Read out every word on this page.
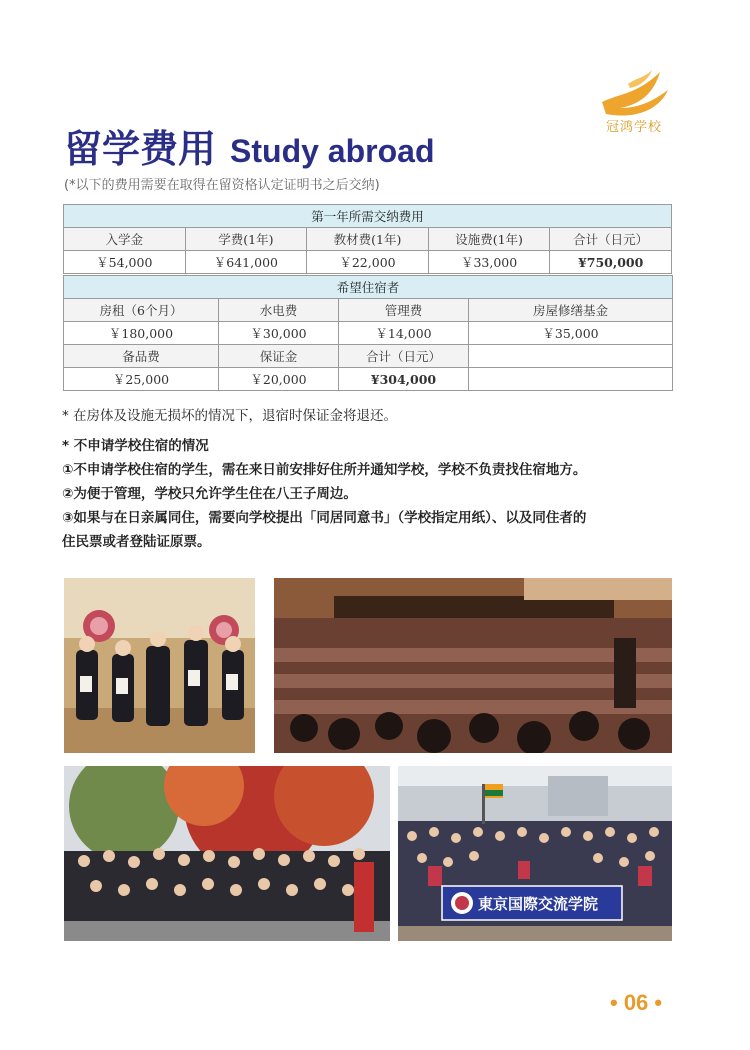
冠鸿学校
留学费用 Study abroad
(*以下的费用需要在取得在留资格认定证明书之后交纳)
第一年所需交纳费用				
入学金	学费(1年)	教材费(1年)	设施费(1年)	合计（日元）
￥54,000	￥641,000	￥22,000	￥33,000	¥750,000
希望住宿者			
房租（6个月）	水电费	管理费	房屋修缮基金
￥180,000	￥30,000	￥14,000	￥35,000
备品费	保证金	合计（日元）	
￥25,000	￥20,000	¥304,000	

* 在房体及设施无损坏的情况下，退宿时保证金将退还。

* 不申请学校住宿的情况

①不申请学校住宿的学生，需在来日前安排好住所并通知学校，学校不负责找住宿地方。

②为便于管理，学校只允许学生住在八王子周边。

③如果与在日亲属同住，需要向学校提出「同居同意书」（学校指定用纸）、以及同住者的

住民票或者登陆证原票。

東京国際交流学院
• 06 •
